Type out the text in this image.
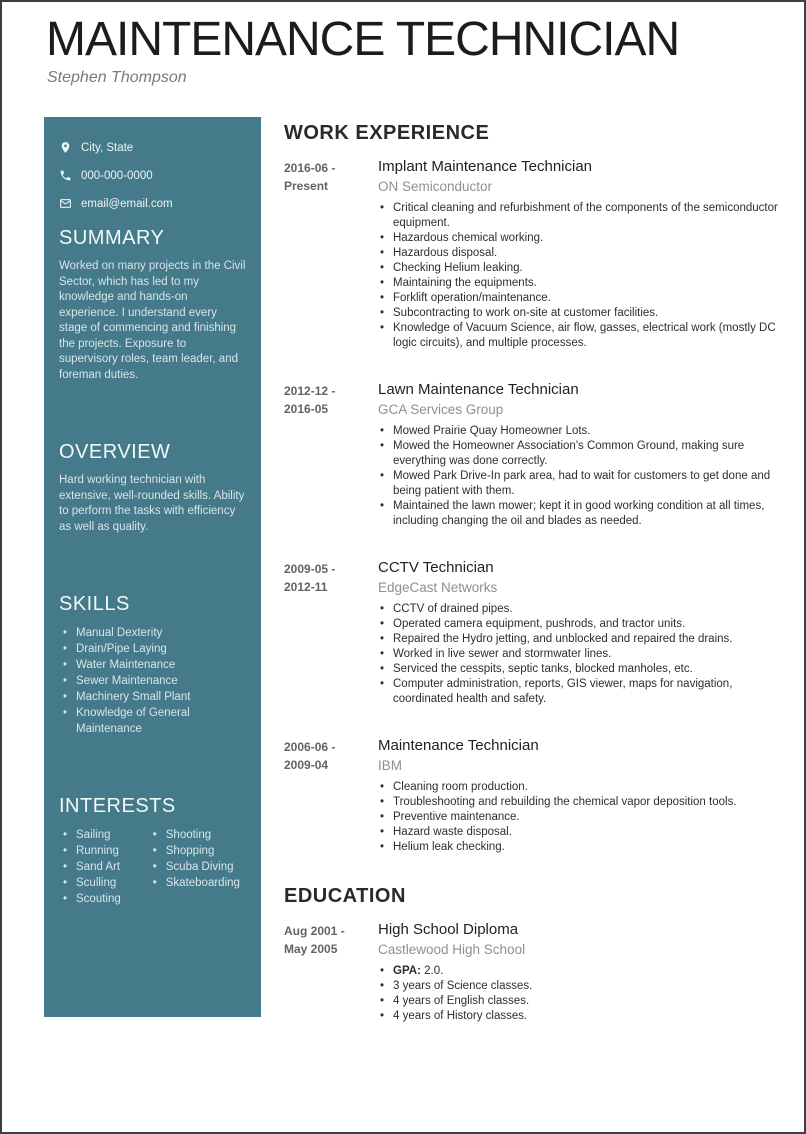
MAINTENANCE TECHNICIAN
Stephen Thompson
City, State
000-000-0000
email@email.com
SUMMARY

Worked on many projects in the Civil Sector, which has led to my knowledge and hands-on experience. I understand every stage of commencing and finishing the projects. Exposure to supervisory roles, team leader, and foreman duties.

OVERVIEW

Hard working technician with extensive, well-rounded skills. Ability to perform the tasks with efficiency as well as quality.

SKILLS
• Manual Dexterity
• Drain/Pipe Laying
• Water Maintenance
• Sewer Maintenance
• Machinery Small Plant
• Knowledge of General Maintenance
INTERESTS
• Sailing
• Running
• Sand Art
• Sculling
• Scouting
• Shooting
• Shopping
• Scuba Diving
• Skateboarding
WORK EXPERIENCE
2016-06 -
Present
Implant Maintenance Technician
ON Semiconductor
• Critical cleaning and refurbishment of the components of the semiconductor equipment.
• Hazardous chemical working.
• Hazardous disposal.
• Checking Helium leaking.
• Maintaining the equipments.
• Forklift operation/maintenance.
• Subcontracting to work on-site at customer facilities.
• Knowledge of Vacuum Science, air flow, gasses, electrical work (mostly DC logic circuits), and multiple processes.
2012-12 -
2016-05
Lawn Maintenance Technician
GCA Services Group
• Mowed Prairie Quay Homeowner Lots.
• Mowed the Homeowner Association's Common Ground, making sure everything was done correctly.
• Mowed Park Drive-In park area, had to wait for customers to get done and being patient with them.
• Maintained the lawn mower; kept it in good working condition at all times, including changing the oil and blades as needed.
2009-05 -
2012-11
CCTV Technician
EdgeCast Networks
• CCTV of drained pipes.
• Operated camera equipment, pushrods, and tractor units.
• Repaired the Hydro jetting, and unblocked and repaired the drains.
• Worked in live sewer and stormwater lines.
• Serviced the cesspits, septic tanks, blocked manholes, etc.
• Computer administration, reports, GIS viewer, maps for navigation, coordinated health and safety.
2006-06 -
2009-04
Maintenance Technician
IBM
• Cleaning room production.
• Troubleshooting and rebuilding the chemical vapor deposition tools.
• Preventive maintenance.
• Hazard waste disposal.
• Helium leak checking.
EDUCATION
Aug 2001 -
May 2005
High School Diploma
Castlewood High School
• GPA: 2.0.
• 3 years of Science classes.
• 4 years of English classes.
• 4 years of History classes.
